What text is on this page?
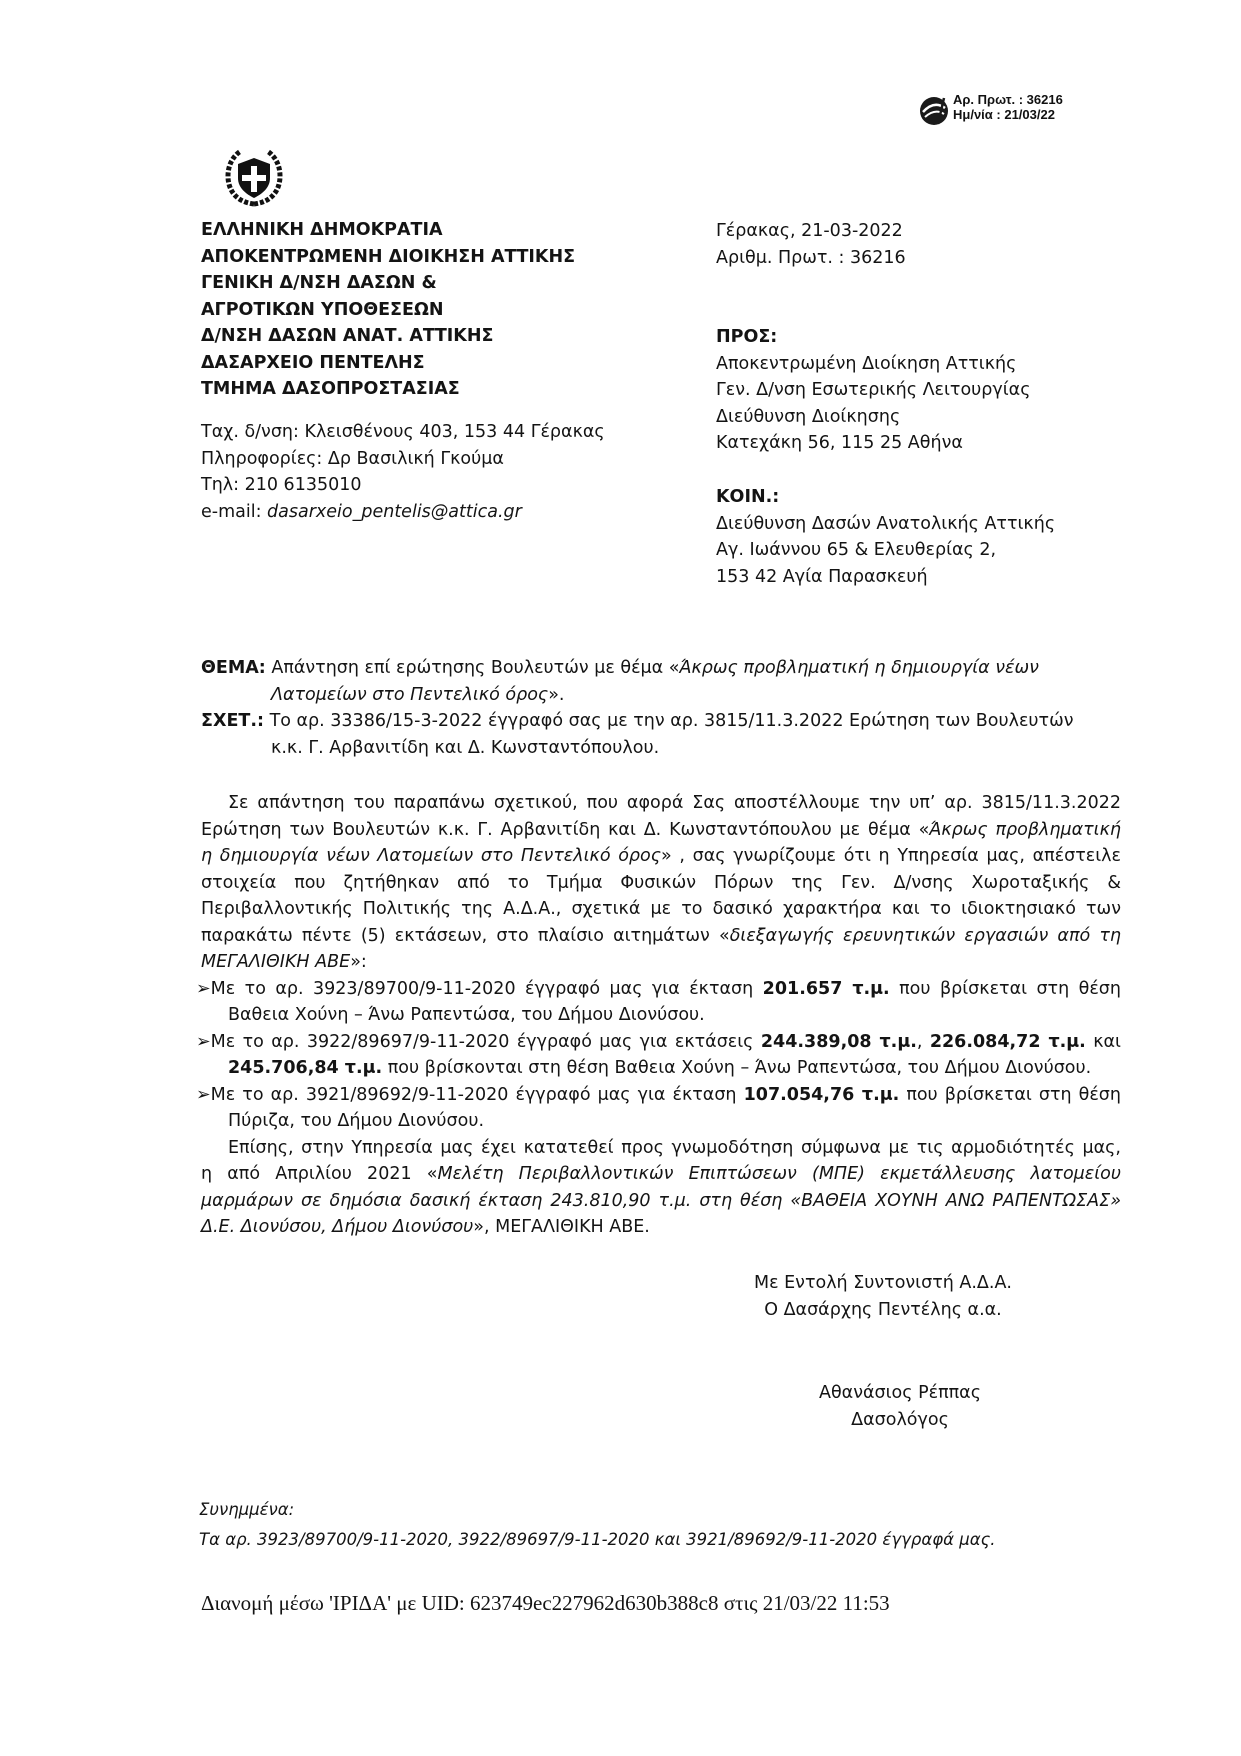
Αρ. Πρωτ. : 36216
Ημ/νία : 21/03/22
ΕΛΛΗΝΙΚΗ ΔΗΜΟΚΡΑΤΙΑ
ΑΠΟΚΕΝΤΡΩΜΕΝΗ ΔΙΟΙΚΗΣΗ ΑΤΤΙΚΗΣ
ΓΕΝΙΚΗ Δ/ΝΣΗ ΔΑΣΩΝ &
ΑΓΡΟΤΙΚΩΝ ΥΠΟΘΕΣΕΩΝ
Δ/ΝΣΗ ΔΑΣΩΝ ΑΝΑΤ. ΑΤΤΙΚΗΣ
ΔΑΣΑΡΧΕΙΟ ΠΕΝΤΕΛΗΣ
ΤΜΗΜΑ ΔΑΣΟΠΡΟΣΤΑΣΙΑΣ
Ταχ. δ/νση: Κλεισθένους 403, 153 44 Γέρακας
Πληροφορίες: Δρ Βασιλική Γκούμα
Τηλ: 210 6135010
e-mail: dasarxeio_pentelis@attica.gr
Γέρακας, 21-03-2022
Αριθμ. Πρωτ. : 36216
ΠΡΟΣ:
Αποκεντρωμένη Διοίκηση Αττικής
Γεν. Δ/νση Εσωτερικής Λειτουργίας
Διεύθυνση Διοίκησης
Κατεχάκη 56, 115 25 Αθήνα
ΚΟΙΝ.:
Διεύθυνση Δασών Ανατολικής Αττικής
Αγ. Ιωάννου 65 & Ελευθερίας 2,
153 42 Αγία Παρασκευή
ΘΕΜΑ: Απάντηση επί ερώτησης Βουλευτών με θέμα «Άκρως προβληματική η δημιουργία νέων
Λατομείων στο Πεντελικό όρος».
ΣΧΕΤ.: Το αρ. 33386/15-3-2022 έγγραφό σας με την αρ. 3815/11.3.2022 Ερώτηση των Βουλευτών
κ.κ. Γ. Αρβανιτίδη και Δ. Κωνσταντόπουλου.
Σε απάντηση του παραπάνω σχετικού, που αφορά Σας αποστέλλουμε την υπ’ αρ. 3815/11.3.2022
Ερώτηση των Βουλευτών κ.κ. Γ. Αρβανιτίδη και Δ. Κωνσταντόπουλου με θέμα «Άκρως προβληματική
η δημιουργία νέων Λατομείων στο Πεντελικό όρος» , σας γνωρίζουμε ότι η Υπηρεσία μας, απέστειλε
στοιχεία που ζητήθηκαν από το Τμήμα Φυσικών Πόρων της Γεν. Δ/νσης Χωροταξικής &
Περιβαλλοντικής Πολιτικής της Α.Δ.Α., σχετικά με το δασικό χαρακτήρα και το ιδιοκτησιακό των
παρακάτω πέντε (5) εκτάσεων, στο πλαίσιο αιτημάτων «διεξαγωγής ερευνητικών εργασιών από τη
ΜΕΓΑΛΙΘΙΚΗ ΑΒΕ»:
➢Με το αρ. 3923/89700/9-11-2020 έγγραφό μας για έκταση 201.657 τ.μ. που βρίσκεται στη θέση
Βαθεια Χούνη – Άνω Ραπεντώσα, του Δήμου Διονύσου.
➢Με το αρ. 3922/89697/9-11-2020 έγγραφό μας για εκτάσεις 244.389,08 τ.μ., 226.084,72 τ.μ. και
245.706,84 τ.μ. που βρίσκονται στη θέση Βαθεια Χούνη – Άνω Ραπεντώσα, του Δήμου Διονύσου.
➢Με το αρ. 3921/89692/9-11-2020 έγγραφό μας για έκταση 107.054,76 τ.μ. που βρίσκεται στη θέση
Πύριζα, του Δήμου Διονύσου.
Επίσης, στην Υπηρεσία μας έχει κατατεθεί προς γνωμοδότηση σύμφωνα με τις αρμοδιότητές μας,
η από Απριλίου 2021 «Μελέτη Περιβαλλοντικών Επιπτώσεων (ΜΠΕ) εκμετάλλευσης λατομείου
μαρμάρων σε δημόσια δασική έκταση 243.810,90 τ.μ. στη θέση «ΒΑΘΕΙΑ ΧΟΥΝΗ ΑΝΩ ΡΑΠΕΝΤΩΣΑΣ»
Δ.Ε. Διονύσου, Δήμου Διονύσου», ΜΕΓΑΛΙΘΙΚΗ ΑΒΕ.
Με Εντολή Συντονιστή Α.Δ.Α.
Ο Δασάρχης Πεντέλης α.α.
Αθανάσιος Ρέππας
Δασολόγος
Συνημμένα:
Τα αρ. 3923/89700/9-11-2020, 3922/89697/9-11-2020 και 3921/89692/9-11-2020 έγγραφά μας.
Διανομή μέσω 'ΙΡΙΔΑ' με UID: 623749ec227962d630b388c8 στις 21/03/22 11:53
